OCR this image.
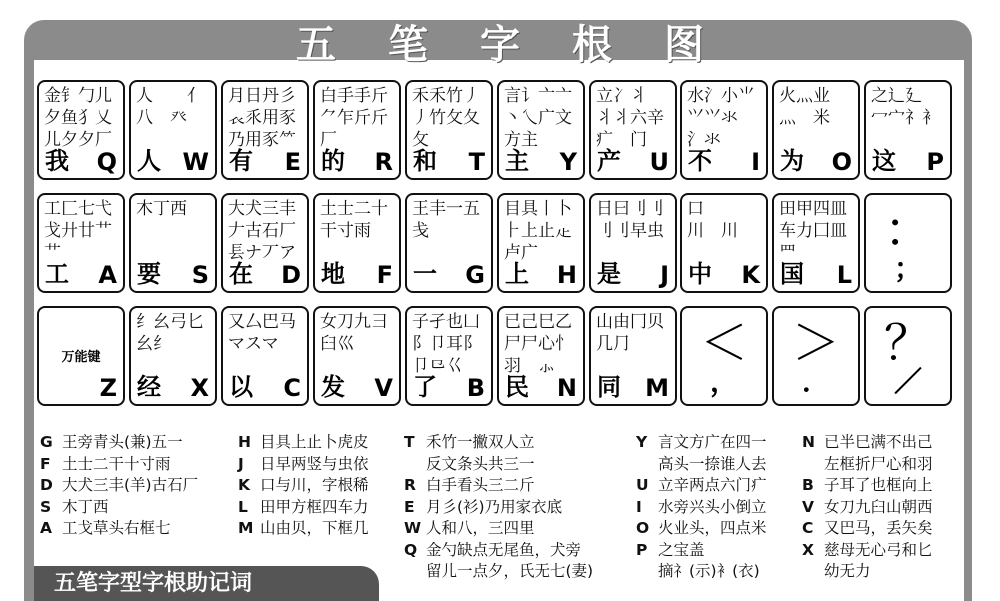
五笔字根图
金钅勹儿
夕鱼犭乂
儿夕夕厂
我 Q
人　　亻
八　癶
人 W
月日丹彡
𧘇乑用豕
乃用豕⺮
有 E
白手手斤
⺈乍斤斤
厂
的 R
禾禾竹丿
丿竹攵夂
攵
和 T
言讠亠亠
丶乀广文
方主
主 Y
立冫丬
丬丬六辛
疒　门
产 U
水氵小⺌
⺍⺍氺
氵氺
不 I
火灬业
灬　米
为 O
之辶廴
冖宀礻衤
这 P
工匚七弋
戈廾廿艹
艹
工 A
木丁西
要 S
大犬三丰
𠂇古石厂
镸ナ丆ア
在 D
土士二十
干寸雨
地 F
王丰一五
戋
一 G
目具丨卜
⺊上止龰
卢广
上 H
日曰刂刂
刂刂早虫
是 J
口
川　川
中 K
田甲四皿
车力囗皿
罒
国 L
：
；
万能键
Z
纟幺弓匕
幺纟
经 X
又厶巴马
マスマ
以 C
女刀九彐
臼巛
发 V
子孑也凵
阝卩耳阝
卩⺋巜
了 B
已己巳乙
尸尸心忄
羽　⺗
民 N
山由冂贝
几⺆
同 M
＜
，
＞
．
？
／
G 王旁青头(兼)五一
F 土士二干十寸雨
D 大犬三丰(羊)古石厂
S 木丁西
A 工戈草头右框七
H 目具上止卜虎皮
J 日早两竖与虫依
K 口与川，字根稀
L 田甲方框四车力
M 山由贝，下框几
T 禾竹一撇双人立
反文条头共三一
R 白手看头三二斤
E 月彡(衫)乃用家衣底
W 人和八，三四里
Q 金勺缺点无尾鱼，犬旁
留儿一点夕，氏无七(妻)
Y 言文方广在四一
高头一捺谁人去
U 立辛两点六门疒
I 水旁兴头小倒立
O 火业头，四点米
P 之宝盖
摘礻(示)衤(衣)
N 已半巳满不出己
左框折尸心和羽
B 子耳了也框向上
V 女刀九臼山朝西
C 又巴马，丢矢矣
X 慈母无心弓和匕
幼无力
五笔字型字根助记词
